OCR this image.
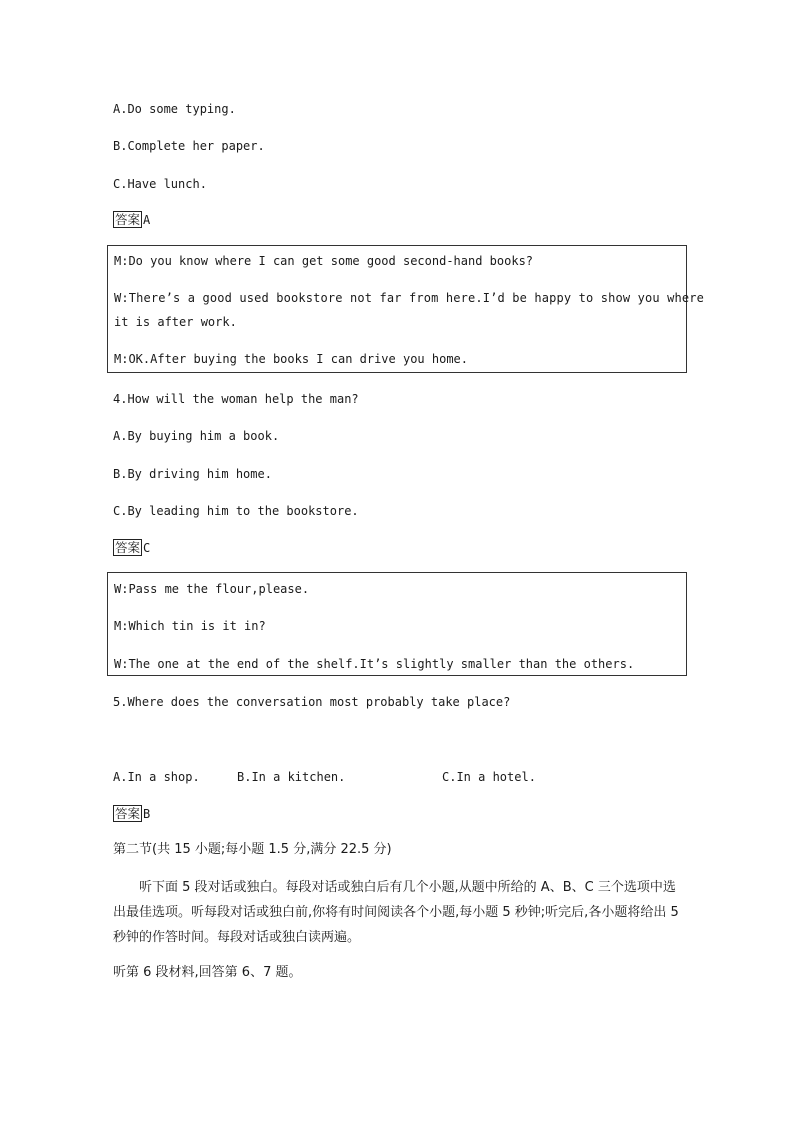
A.Do some typing.
B.Complete her paper.
C.Have lunch.
答案 A
M:Do you know where I can get some good second-hand books?
W:There’s a good used bookstore not far from here.I’d be happy to show you where
it is after work.
M:OK.After buying the books I can drive you home.
4.How will the woman help the man?
A.By buying him a book.
B.By driving him home.
C.By leading him to the bookstore.
答案 C
W:Pass me the flour,please.
M:Which tin is it in?
W:The one at the end of the shelf.It’s slightly smaller than the others.
5.Where does the conversation most probably take place?
A.In a shop.	B.In a kitchen.	C.In a hotel.
答案 B
第二节(共 15 小题;每小题 1.5 分,满分 22.5 分)
听下面 5 段对话或独白。每段对话或独白后有几个小题,从题中所给的 A、B、C 三个选项中选出最佳选项。听每段对话或独白前,你将有时间阅读各个小题,每小题 5 秒钟;听完后,各小题将给出 5 秒钟的作答时间。每段对话或独白读两遍。
听第 6 段材料,回答第 6、7 题。
